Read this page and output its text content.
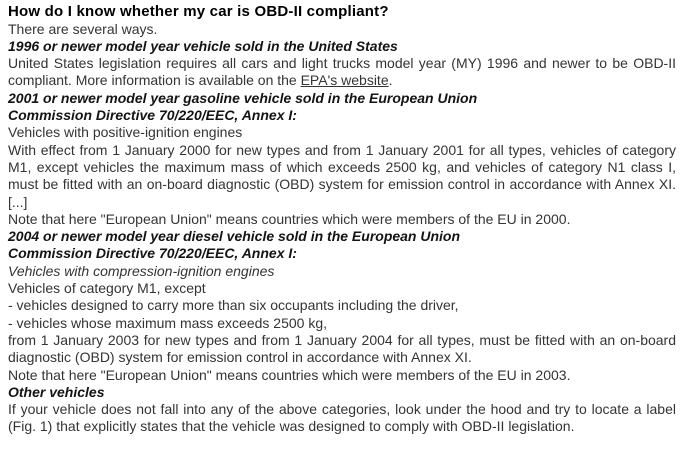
How do I know whether my car is OBD-II compliant?

There are several ways.

1996 or newer model year vehicle sold in the United States

United States legislation requires all cars and light trucks model year (MY) 1996 and newer to be OBD-II compliant. More information is available on the EPA's website.

2001 or newer model year gasoline vehicle sold in the European Union
Commission Directive 70/220/EEC, Annex I:

Vehicles with positive-ignition engines

With effect from 1 January 2000 for new types and from 1 January 2001 for all types, vehicles of category M1, except vehicles the maximum mass of which exceeds 2500 kg, and vehicles of category N1 class I, must be fitted with an on-board diagnostic (OBD) system for emission control in accordance with Annex XI. [...]

Note that here "European Union" means countries which were members of the EU in 2000.

2004 or newer model year diesel vehicle sold in the European Union
Commission Directive 70/220/EEC, Annex I:

Vehicles with compression-ignition engines

Vehicles of category M1, except

- vehicles designed to carry more than six occupants including the driver,

- vehicles whose maximum mass exceeds 2500 kg,

from 1 January 2003 for new types and from 1 January 2004 for all types, must be fitted with an on-board diagnostic (OBD) system for emission control in accordance with Annex XI.

Note that here "European Union" means countries which were members of the EU in 2003.

Other vehicles

If your vehicle does not fall into any of the above categories, look under the hood and try to locate a label (Fig. 1) that explicitly states that the vehicle was designed to comply with OBD-II legislation.
